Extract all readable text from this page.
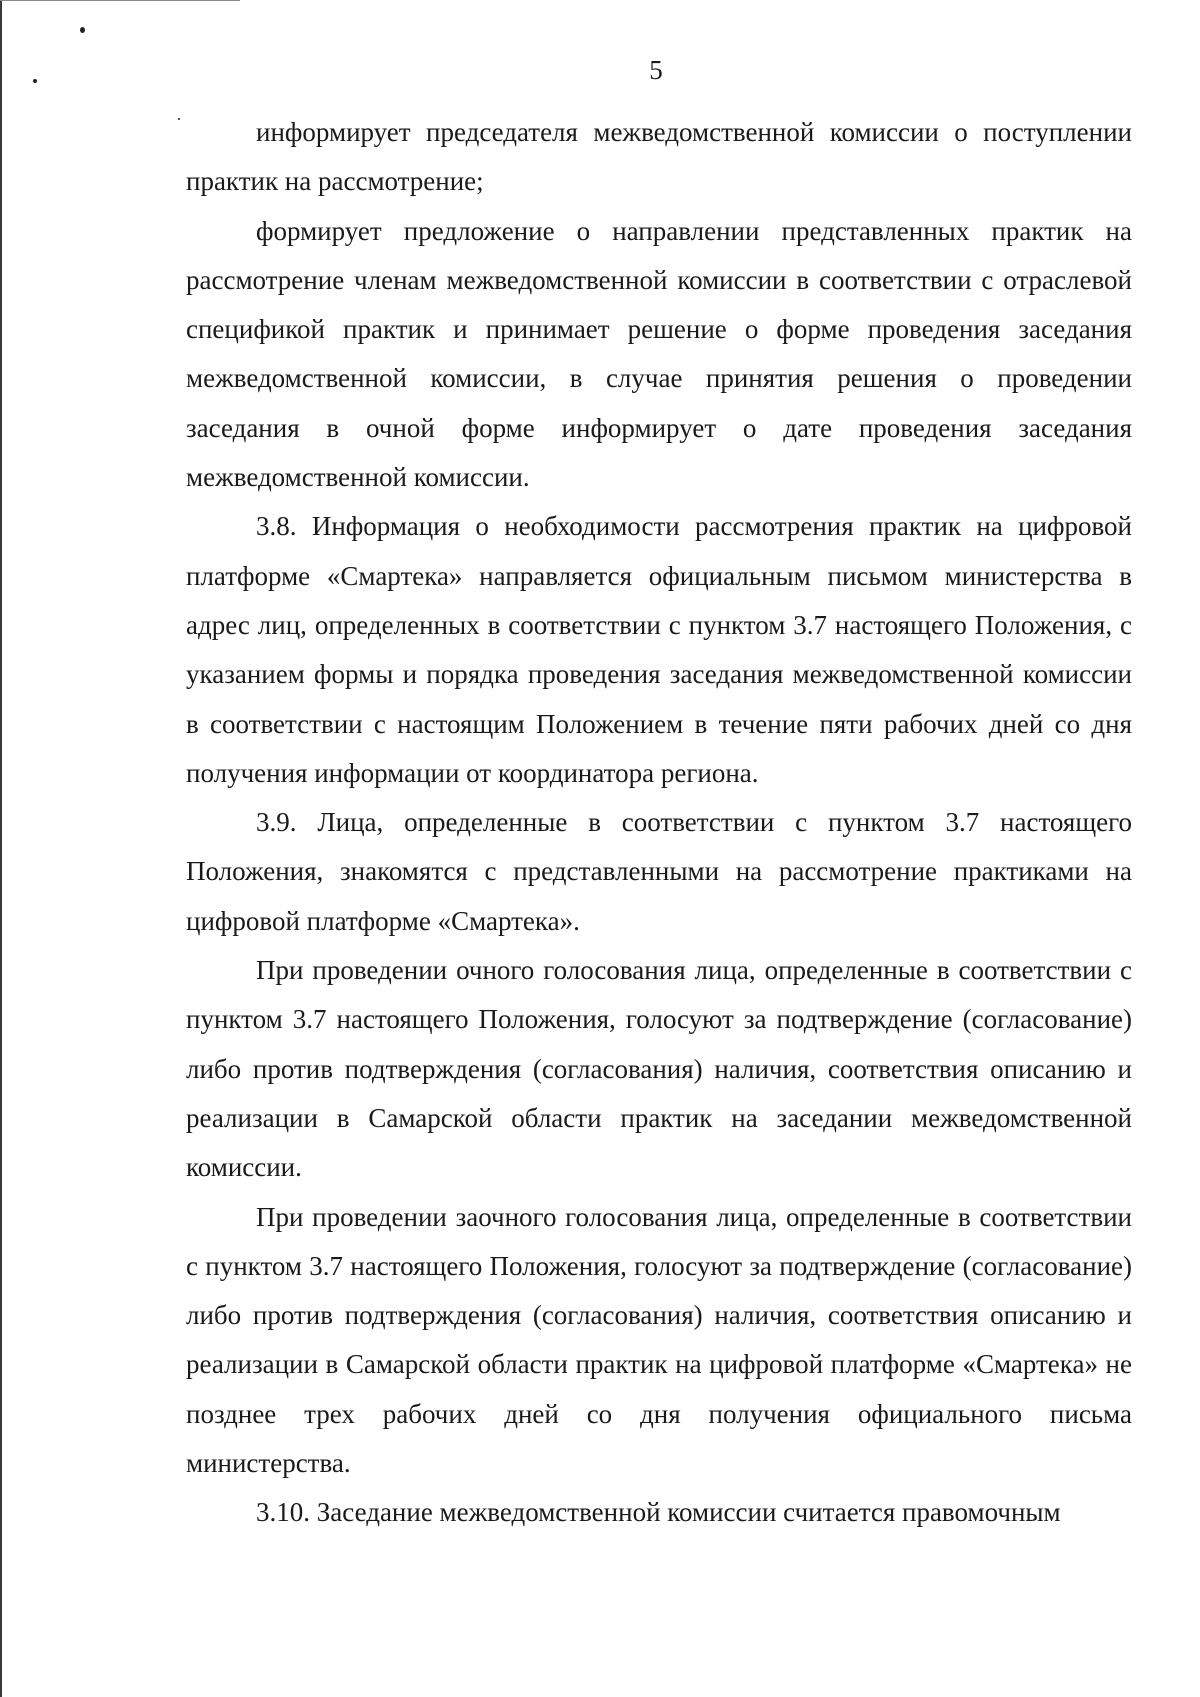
5

информирует председателя межведомственной комиссии о поступлении практик на рассмотрение;

формирует предложение о направлении представленных практик на рассмотрение членам межведомственной комиссии в соответствии с отраслевой спецификой практик и принимает решение о форме проведения заседания межведомственной комиссии, в случае принятия решения о проведении заседания в очной форме информирует о дате проведения заседания межведомственной комиссии.

3.8. Информация о необходимости рассмотрения практик на цифровой платформе «Смартека» направляется официальным письмом министерства в адрес лиц, определенных в соответствии с пунктом 3.7 настоящего Положения, с указанием формы и порядка проведения заседания межведомственной комиссии в соответствии с настоящим Положением в течение пяти рабочих дней со дня получения информации от координатора региона.

3.9. Лица, определенные в соответствии с пунктом 3.7 настоящего Положения, знакомятся с представленными на рассмотрение практиками на цифровой платформе «Смартека».

При проведении очного голосования лица, определенные в соответствии с пунктом 3.7 настоящего Положения, голосуют за подтверждение (согласование) либо против подтверждения (согласования) наличия, соответствия описанию и реализации в Самарской области практик на заседании межведомственной комиссии.

При проведении заочного голосования лица, определенные в соответствии с пунктом 3.7 настоящего Положения, голосуют за подтверждение (согласование) либо против подтверждения (согласования) наличия, соответствия описанию и реализации в Самарской области практик на цифровой платформе «Смартека» не позднее трех рабочих дней со дня получения официального письма министерства.

3.10. Заседание межведомственной комиссии считается правомочным
